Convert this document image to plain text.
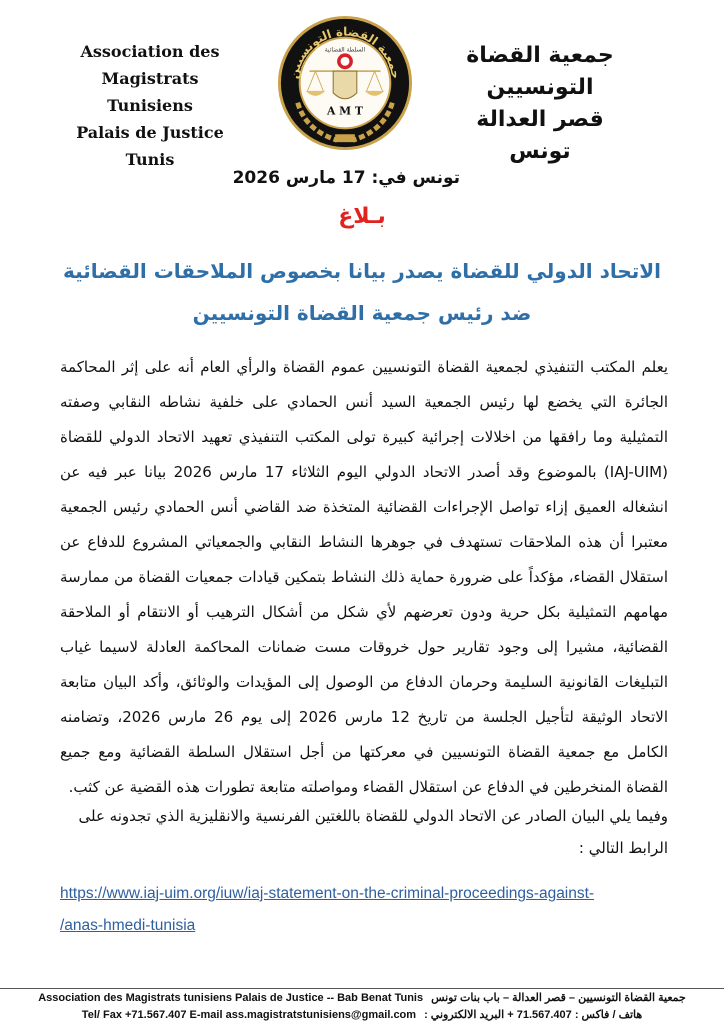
Association des Magistrats
Tunisiens
Palais de Justice
Tunis
جمعية القضاة التونسيين
السلطة القضائية
A M T
جمعية القضاة التونسيين
قصر العدالة
تونس
تونس في: 17 مارس 2026
بـلاغ
الاتحاد الدولي للقضاة يصدر بيانا بخصوص الملاحقات القضائية
ضد رئيس جمعية القضاة التونسيين

يعلم المكتب التنفيذي لجمعية القضاة التونسيين عموم القضاة والرأي العام أنه على إثر المحاكمة الجائرة التي يخضع لها رئيس الجمعية السيد أنس الحمادي على خلفية نشاطه النقابي وصفته التمثيلية وما رافقها من اخلالات إجرائية كبيرة تولى المكتب التنفيذي تعهيد الاتحاد الدولي للقضاة (IAJ-UIM) بالموضوع وقد أصدر الاتحاد الدولي اليوم الثلاثاء 17 مارس 2026 بيانا عبر فيه عن انشغاله العميق إزاء تواصل الإجراءات القضائية المتخذة ضد القاضي أنس الحمادي رئيس الجمعية معتبرا أن هذه الملاحقات تستهدف في جوهرها النشاط النقابي والجمعياتي المشروع للدفاع عن استقلال القضاء، مؤكداً على ضرورة حماية ذلك النشاط بتمكين قيادات جمعيات القضاة من ممارسة مهامهم التمثيلية بكل حرية ودون تعرضهم لأي شكل من أشكال الترهيب أو الانتقام أو الملاحقة القضائية، مشيرا إلى وجود تقارير حول خروقات مست ضمانات المحاكمة العادلة لاسيما غياب التبليغات القانونية السليمة وحرمان الدفاع من الوصول إلى المؤيدات والوثائق، وأكد البيان متابعة الاتحاد الوثيقة لتأجيل الجلسة من تاريخ 12 مارس 2026 إلى يوم 26 مارس 2026، وتضامنه الكامل مع جمعية القضاة التونسيين في معركتها من أجل استقلال السلطة القضائية ومع جميع القضاة المنخرطين في الدفاع عن استقلال القضاء ومواصلته متابعة تطورات هذه القضية عن كثب.

وفيما يلي البيان الصادر عن الاتحاد الدولي للقضاة باللغتين الفرنسية والانقليزية الذي تجدونه على الرابط التالي :
https://www.iaj-uim.org/iuw/iaj-statement-on-the-criminal-proceedings-against-
/anas-hmedi-tunisia
Association des Magistrats tunisiens Palais de Justice -- Bab Benat Tunis جمعية القضاة التونسيين – قصر العدالة – باب بنات تونس
Tel/ Fax +71.567.407 E-mail ass.magistratstunisiens@gmail.com هاتف / فاكس : 71.567.407 + البريد الالكتروني :
